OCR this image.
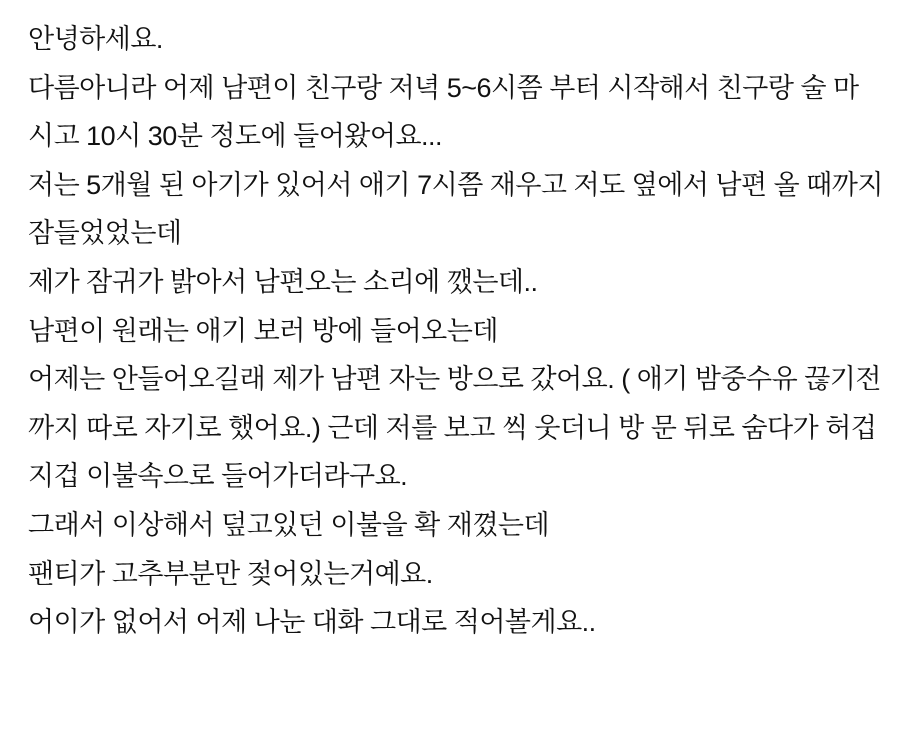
안녕하세요.

다름아니라 어제 남편이 친구랑 저녁 5~6시쯤 부터 시작해서 친구랑 술 마

시고 10시 30분 정도에 들어왔어요...

저는 5개월 된 아기가 있어서 애기 7시쯤 재우고 저도 옆에서 남편 올 때까지

잠들었었는데

제가 잠귀가 밝아서 남편오는 소리에 깼는데..

남편이 원래는 애기 보러 방에 들어오는데

어제는 안들어오길래 제가 남편 자는 방으로 갔어요. ( 애기 밤중수유 끊기전

까지 따로 자기로 했어요.) 근데 저를 보고 씩 웃더니 방 문 뒤로 숨다가 허겁

지겁 이불속으로 들어가더라구요.

그래서 이상해서 덮고있던 이불을 확 재꼈는데

팬티가 고추부분만 젖어있는거예요.

어이가 없어서 어제 나눈 대화 그대로 적어볼게요..
